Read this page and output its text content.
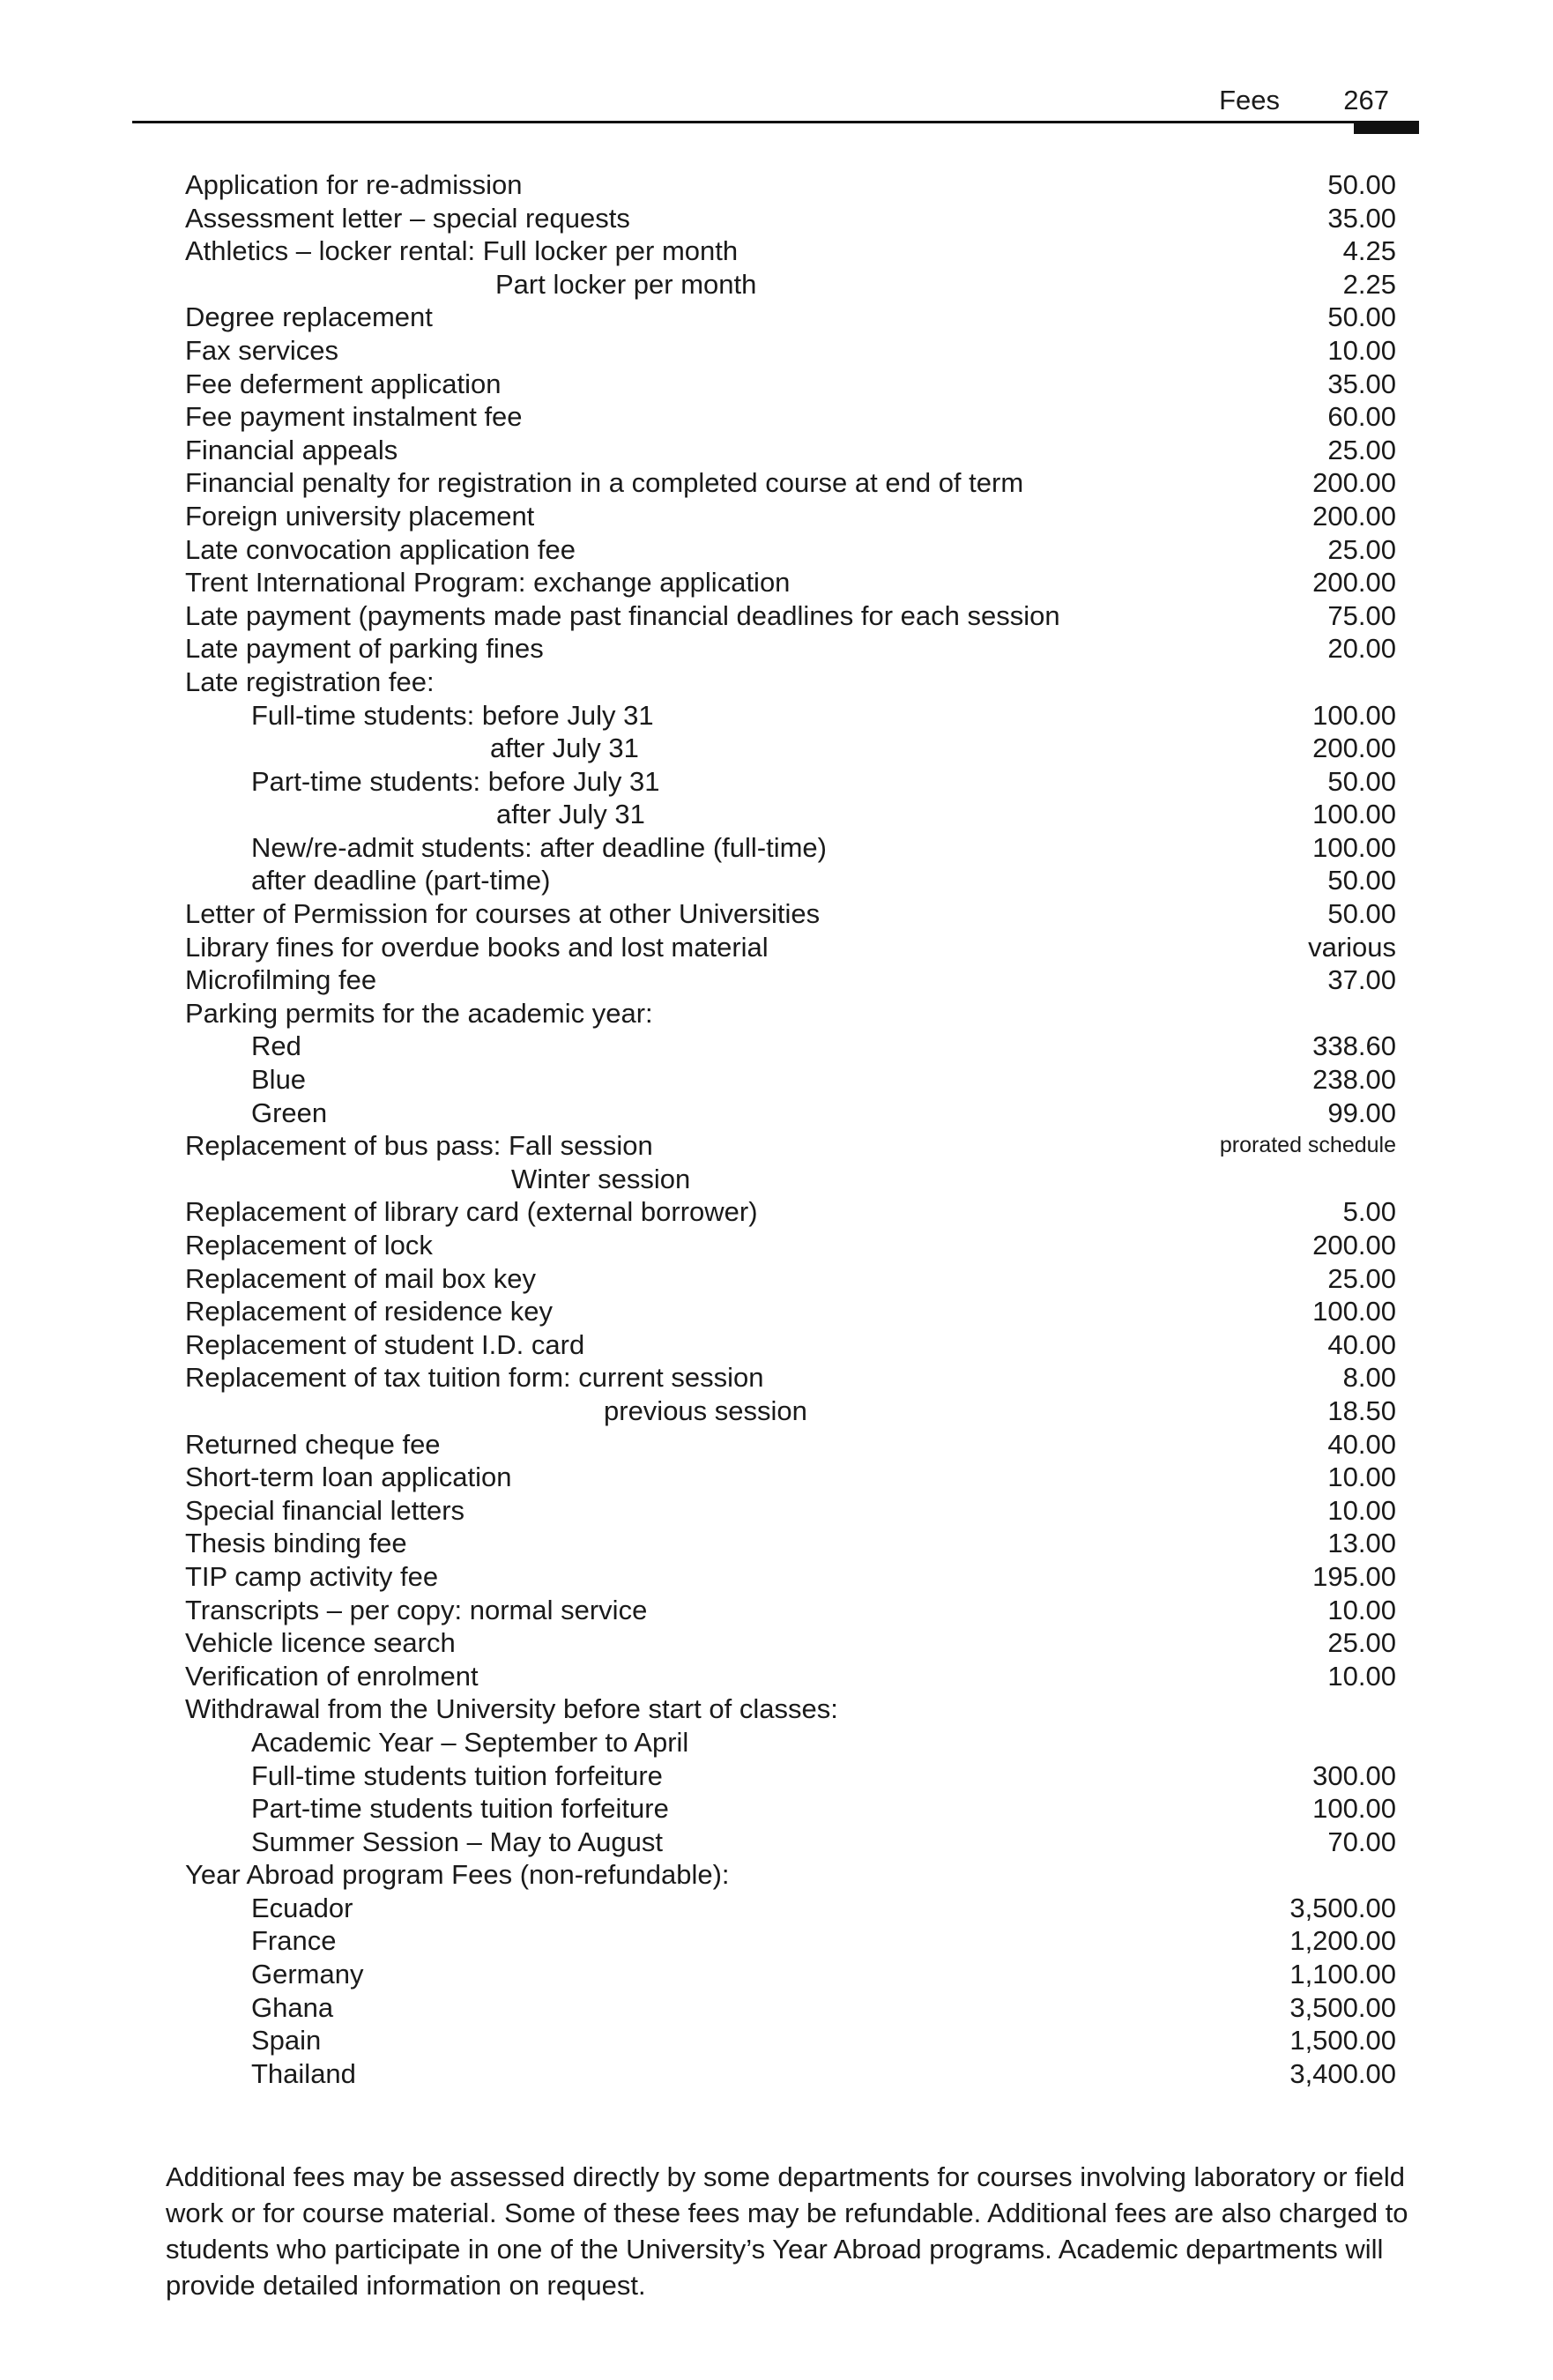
Fees 267
Application for re-admission	50.00
Assessment letter – special requests	35.00
Athletics – locker rental: Full locker per month	4.25
Part locker per month	2.25
Degree replacement	50.00
Fax services	10.00
Fee deferment application	35.00
Fee payment instalment fee	60.00
Financial appeals	25.00
Financial penalty for registration in a completed course at end of term	200.00
Foreign university placement	200.00
Late convocation application fee	25.00
Trent International Program: exchange application	200.00
Late payment (payments made past financial deadlines for each session	75.00
Late payment of parking fines	20.00
Late registration fee:
Full-time students: before July 31	100.00
after July 31	200.00
Part-time students: before July 31	50.00
after July 31	100.00
New/re-admit students: after deadline (full-time)	100.00
after deadline (part-time)	50.00
Letter of Permission for courses at other Universities	50.00
Library fines for overdue books and lost material	various
Microfilming fee	37.00
Parking permits for the academic year:
Red	338.60
Blue	238.00
Green	99.00
Replacement of bus pass: Fall session	prorated schedule
Winter session
Replacement of library card (external borrower)	5.00
Replacement of lock	200.00
Replacement of mail box key	25.00
Replacement of residence key	100.00
Replacement of student I.D. card	40.00
Replacement of tax tuition form: current session	8.00
previous session	18.50
Returned cheque fee	40.00
Short-term loan application	10.00
Special financial letters	10.00
Thesis binding fee	13.00
TIP camp activity fee	195.00
Transcripts – per copy: normal service	10.00
Vehicle licence search	25.00
Verification of enrolment	10.00
Withdrawal from the University before start of classes:
Academic Year – September to April
Full-time students tuition forfeiture	300.00
Part-time students tuition forfeiture	100.00
Summer Session – May to August	70.00
Year Abroad program Fees (non-refundable):
Ecuador	3,500.00
France	1,200.00
Germany	1,100.00
Ghana	3,500.00
Spain	1,500.00
Thailand	3,400.00

Additional fees may be assessed directly by some departments for courses involving laboratory or field work or for course material. Some of these fees may be refundable. Additional fees are also charged to students who participate in one of the University’s Year Abroad programs. Academic departments will provide detailed information on request.
